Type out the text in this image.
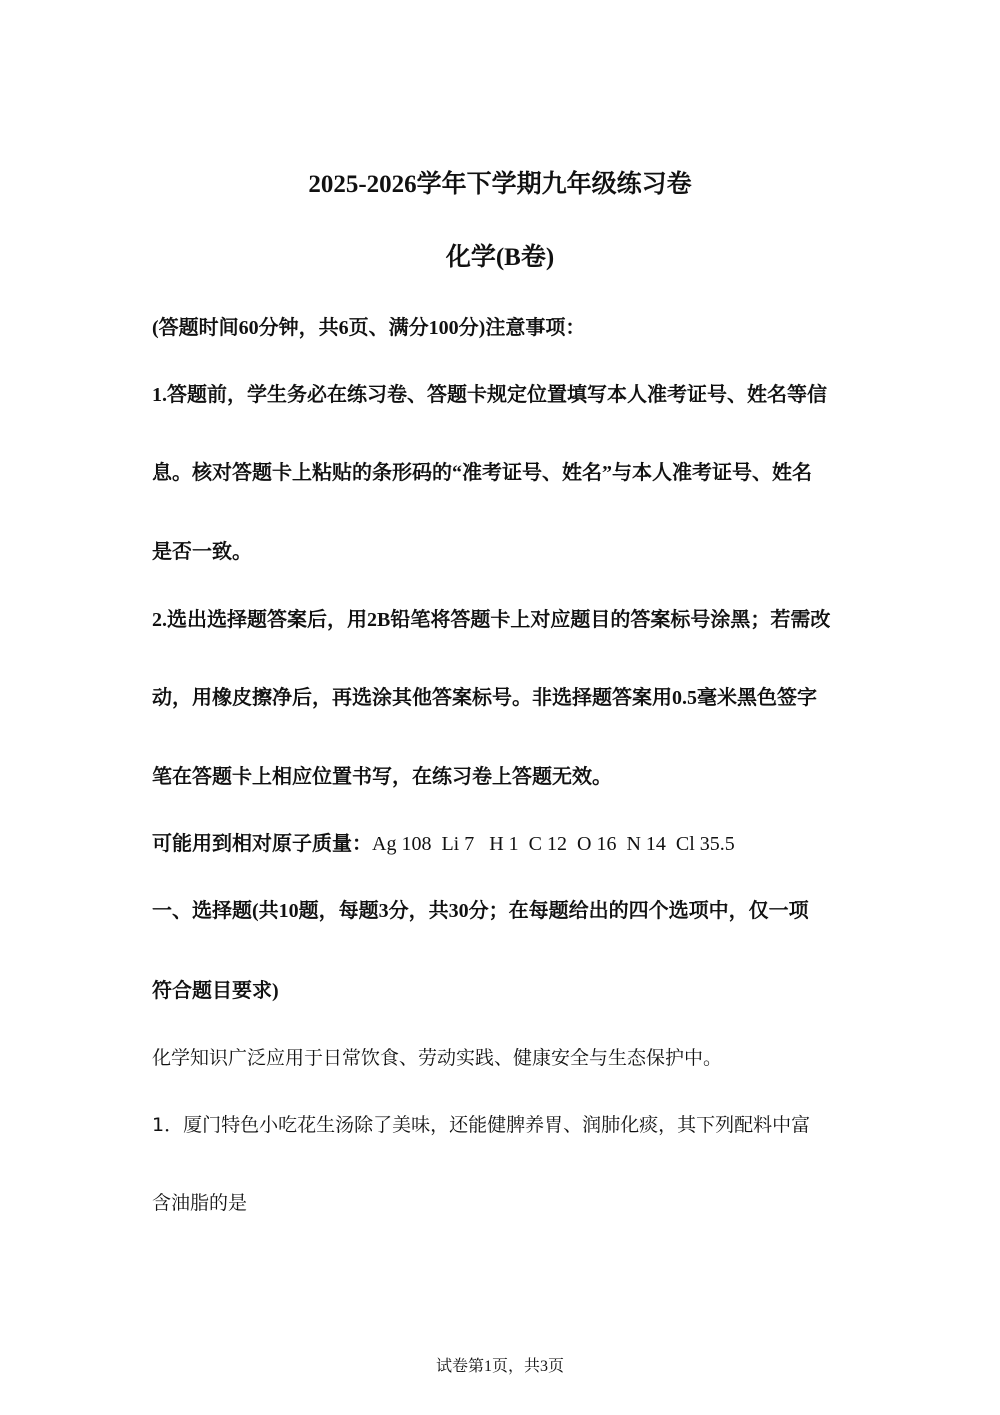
2025-2026学年下学期九年级练习卷
化学(B卷)
(答题时间60分钟，共6页、满分100分)注意事项：
1.答题前，学生务必在练习卷、答题卡规定位置填写本人准考证号、姓名等信
息。核对答题卡上粘贴的条形码的“准考证号、姓名”与本人准考证号、姓名
是否一致。
2.选出选择题答案后，用2B铅笔将答题卡上对应题目的答案标号涂黑；若需改
动，用橡皮擦净后，再选涂其他答案标号。非选择题答案用0.5毫米黑色签字
笔在答题卡上相应位置书写，在练习卷上答题无效。
可能用到相对原子质量：Ag 108  Li 7   H 1  C 12  O 16  N 14  Cl 35.5
一、选择题(共10题，每题3分，共30分；在每题给出的四个选项中，仅一项
符合题目要求)
化学知识广泛应用于日常饮食、劳动实践、健康安全与生态保护中。
1．厦门特色小吃花生汤除了美味，还能健脾养胃、润肺化痰，其下列配料中富
含油脂的是
试卷第1页，共3页
